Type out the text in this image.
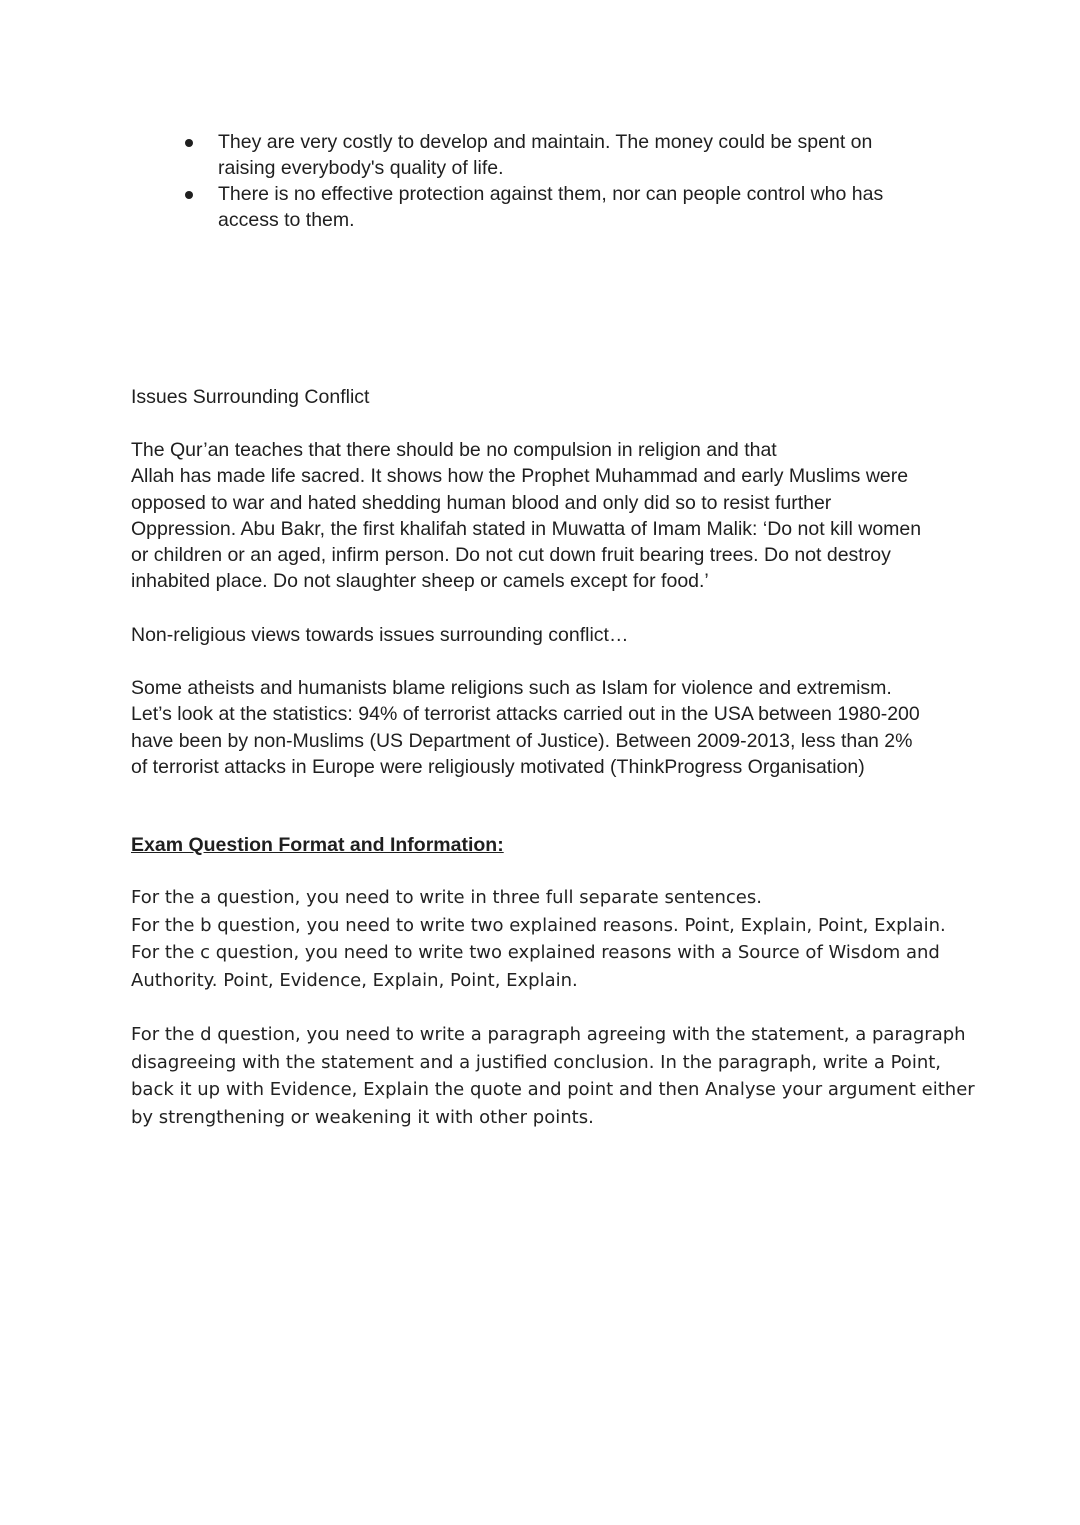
They are very costly to develop and maintain. The money could be spent on
raising everybody's quality of life.
There is no effective protection against them, nor can people control who has
access to them.

Issues Surrounding Conflict

The Qur’an teaches that there should be no compulsion in religion and that
Allah has made life sacred. It shows how the Prophet Muhammad and early Muslims were
opposed to war and hated shedding human blood and only did so to resist further
Oppression. Abu Bakr, the first khalifah stated in Muwatta of Imam Malik: ‘Do not kill women
or children or an aged, infirm person. Do not cut down fruit bearing trees. Do not destroy
inhabited place. Do not slaughter sheep or camels except for food.’

Non-religious views towards issues surrounding conflict…

Some atheists and humanists blame religions such as Islam for violence and extremism.
Let’s look at the statistics: 94% of terrorist attacks carried out in the USA between 1980-200
have been by non-Muslims (US Department of Justice). Between 2009-2013, less than 2%
of terrorist attacks in Europe were religiously motivated (ThinkProgress Organisation)

Exam Question Format and Information:

For the a question, you need to write in three full separate sentences.
For the b question, you need to write two explained reasons. Point, Explain, Point, Explain.
For the c question, you need to write two explained reasons with a Source of Wisdom and
Authority. Point, Evidence, Explain, Point, Explain.

For the d question, you need to write a paragraph agreeing with the statement, a paragraph
disagreeing with the statement and a justified conclusion. In the paragraph, write a Point,
back it up with Evidence, Explain the quote and point and then Analyse your argument either
by strengthening or weakening it with other points.
